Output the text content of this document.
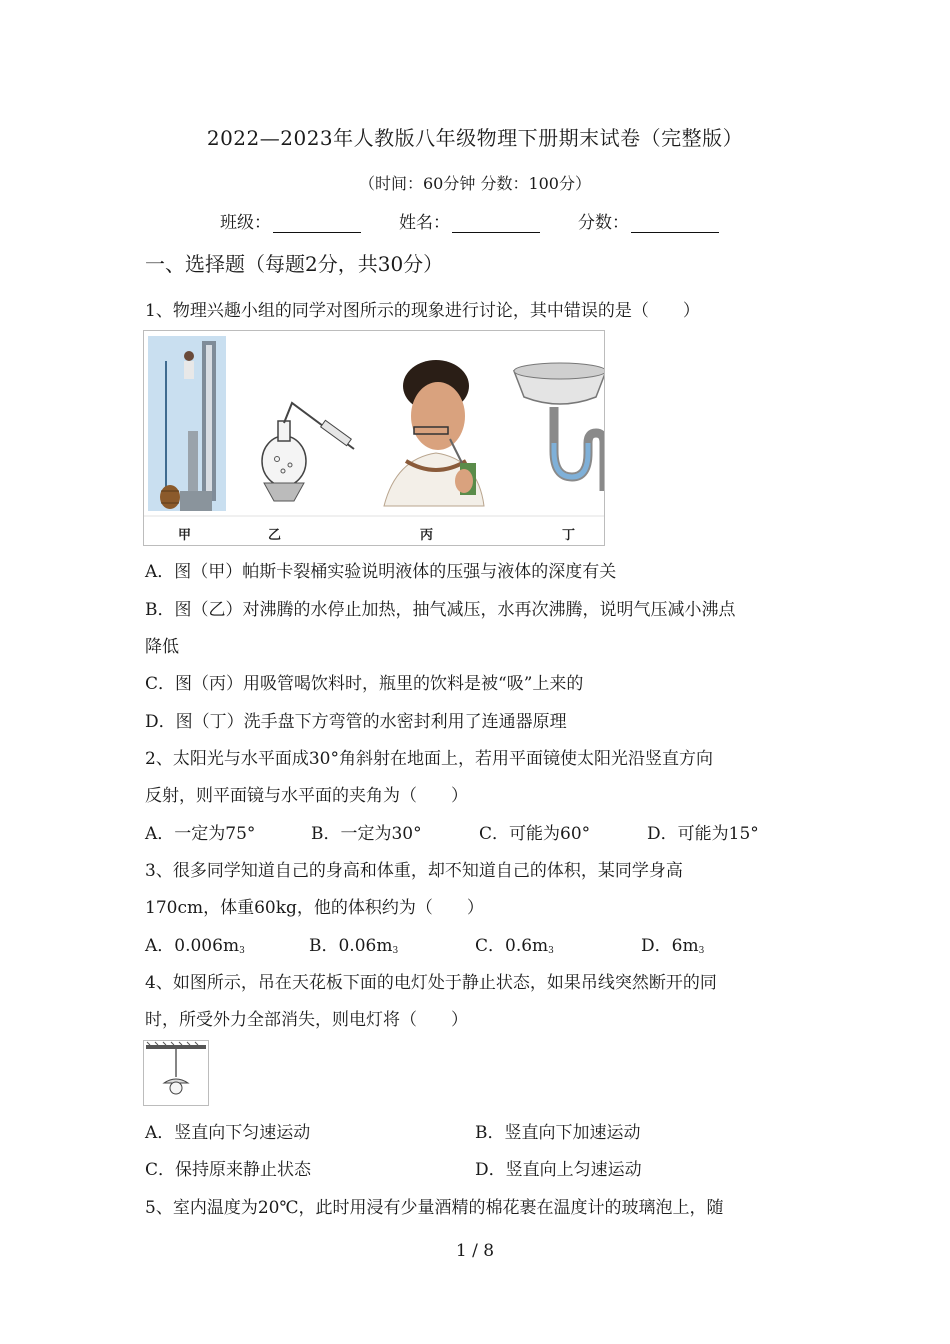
2022—2023年人教版八年级物理下册期末试卷（完整版）
（时间：60分钟 分数：100分）
班级：	姓名：	分数：
一、选择题（每题2分，共30分）
1、物理兴趣小组的同学对图所示的现象进行讨论，其中错误的是（　　）
甲	乙	丙	丁
A．图（甲）帕斯卡裂桶实验说明液体的压强与液体的深度有关
B．图（乙）对沸腾的水停止加热，抽气减压，水再次沸腾，说明气压减小沸点
降低
C．图（丙）用吸管喝饮料时，瓶里的饮料是被“吸”上来的
D．图（丁）洗手盘下方弯管的水密封利用了连通器原理
2、太阳光与水平面成30°角斜射在地面上，若用平面镜使太阳光沿竖直方向
反射，则平面镜与水平面的夹角为（　　）
A．一定为75°	B．一定为30°	C．可能为60°	D．可能为15°
3、很多同学知道自己的身高和体重，却不知道自己的体积，某同学身高
170cm，体重60kg，他的体积约为（　　）
A．0.006m3	B．0.06m3	C．0.6m3	D．6m3
4、如图所示，吊在天花板下面的电灯处于静止状态，如果吊线突然断开的同
时，所受外力全部消失，则电灯将（　　）
A．竖直向下匀速运动	B．竖直向下加速运动
C．保持原来静止状态	D．竖直向上匀速运动
5、室内温度为20℃，此时用浸有少量酒精的棉花裹在温度计的玻璃泡上，随
1 / 8
